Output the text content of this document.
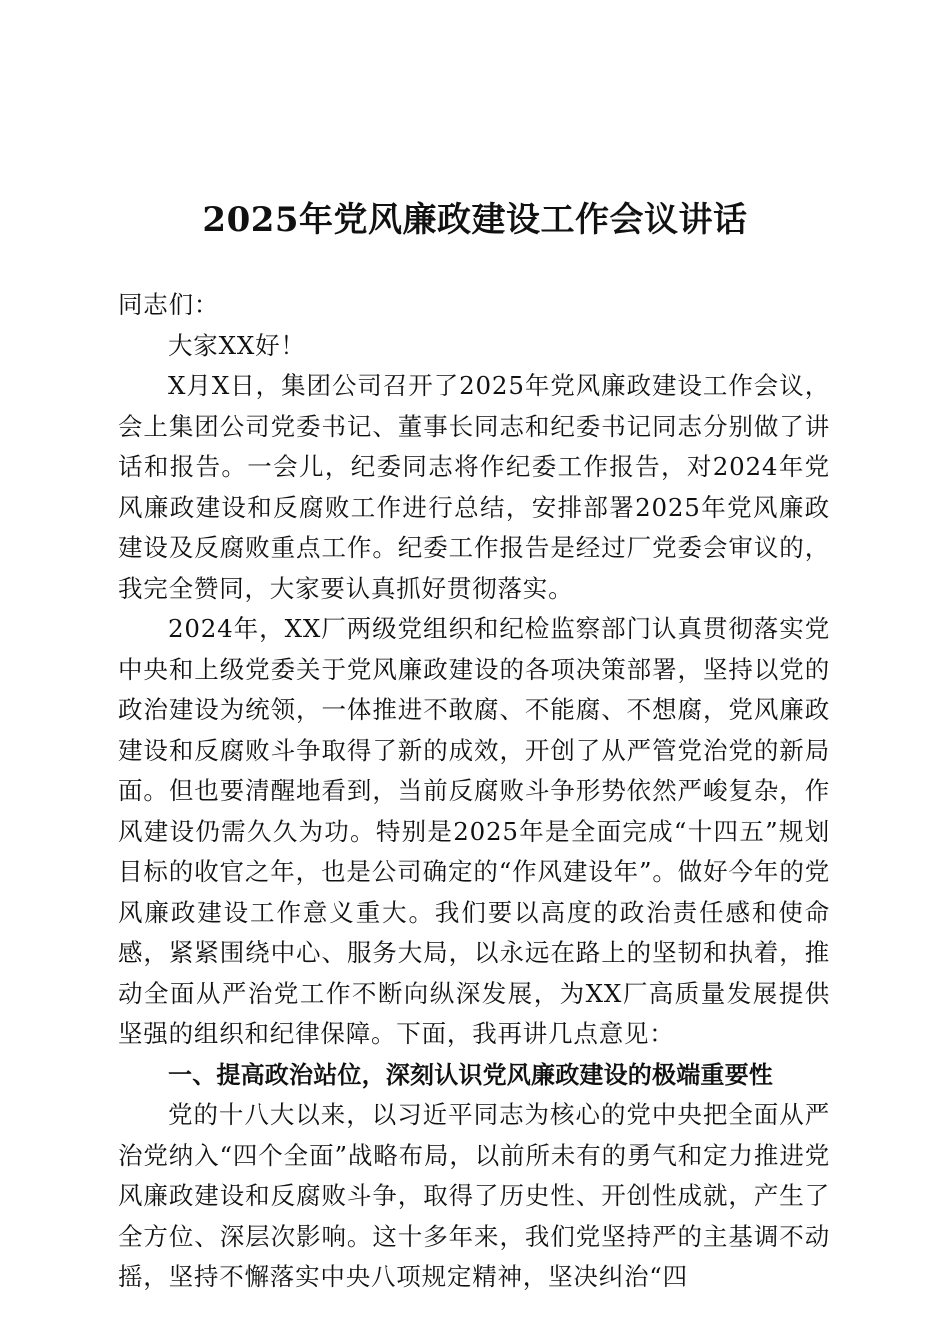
2025年党风廉政建设工作会议讲话

同志们：

大家XX好！

X月X日，集团公司召开了2025年党风廉政建设工作会议，会上集团公司党委书记、董事长同志和纪委书记同志分别做了讲话和报告。一会儿，纪委同志将作纪委工作报告，对2024年党风廉政建设和反腐败工作进行总结，安排部署2025年党风廉政建设及反腐败重点工作。纪委工作报告是经过厂党委会审议的，我完全赞同，大家要认真抓好贯彻落实。

2024年，XX厂两级党组织和纪检监察部门认真贯彻落实党中央和上级党委关于党风廉政建设的各项决策部署，坚持以党的政治建设为统领，一体推进不敢腐、不能腐、不想腐，党风廉政建设和反腐败斗争取得了新的成效，开创了从严管党治党的新局面。但也要清醒地看到，当前反腐败斗争形势依然严峻复杂，作风建设仍需久久为功。特别是2025年是全面完成“十四五”规划目标的收官之年，也是公司确定的“作风建设年”。做好今年的党风廉政建设工作意义重大。我们要以高度的政治责任感和使命感，紧紧围绕中心、服务大局，以永远在路上的坚韧和执着，推动全面从严治党工作不断向纵深发展，为XX厂高质量发展提供坚强的组织和纪律保障。下面，我再讲几点意见：

一、提高政治站位，深刻认识党风廉政建设的极端重要性

党的十八大以来，以习近平同志为核心的党中央把全面从严治党纳入“四个全面”战略布局，以前所未有的勇气和定力推进党风廉政建设和反腐败斗争，取得了历史性、开创性成就，产生了全方位、深层次影响。这十多年来，我们党坚持严的主基调不动摇，坚持不懈落实中央八项规定精神，坚决纠治“四
